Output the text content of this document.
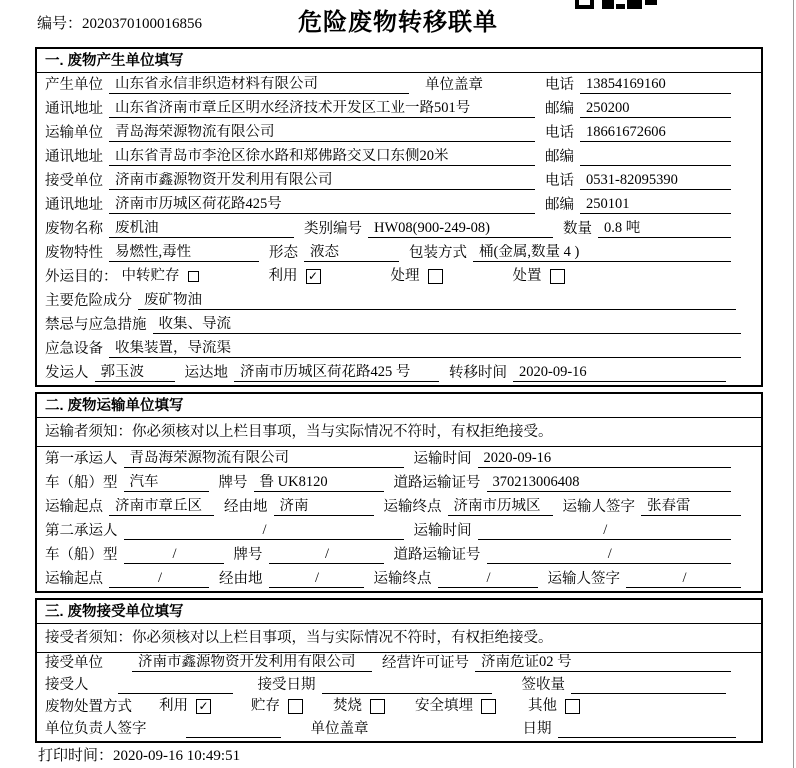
编号：2020370100016856	危险废物转移联单
一. 废物产生单位填写
产生单位 山东省永信非织造材料有限公司	单位盖章	电话 13854169160
通讯地址 山东省济南市章丘区明水经济技术开发区工业一路501号	邮编 250200
运输单位 青岛海荣源物流有限公司	电话 18661672606
通讯地址 山东省青岛市李沧区徐水路和郑佛路交叉口东侧20米	邮编
接受单位 济南市鑫源物资开发利用有限公司	电话 0531-82095390
通讯地址 济南市历城区荷花路425号	邮编 250101
废物名称 废机油	类别编号 HW08(900-249-08)	数量 0.8 吨
废物特性 易燃性,毒性	形态 液态	包装方式 桶(金属,数量 4 )
外运目的： 中转贮存	利用 ✓	处理	处置
主要危险成分 废矿物油
禁忌与应急措施 收集、导流
应急设备 收集装置，导流渠
发运人 郭玉波	运达地 济南市历城区荷花路425 号	转移时间 2020-09-16
二. 废物运输单位填写
运输者须知：你必须核对以上栏目事项，当与实际情况不符时，有权拒绝接受。
第一承运人 青岛海荣源物流有限公司	运输时间 2020-09-16
车（船）型 汽车	牌号 鲁 UK8120	道路运输证号 370213006408
运输起点 济南市章丘区	经由地 济南	运输终点 济南市历城区	运输人签字 张春雷
第二承运人	/	运输时间	/
车（船）型	/	牌号	/	道路运输证号	/
运输起点	/	经由地	/	运输终点	/	运输人签字	/
三. 废物接受单位填写
接受者须知：你必须核对以上栏目事项，当与实际情况不符时，有权拒绝接受。
接受单位	济南市鑫源物资开发利用有限公司	经营许可证号 济南危证02 号
接受人	接受日期	签收量
废物处置方式 利用 ✓	贮存	焚烧	安全填埋	其他
单位负责人签字	单位盖章	日期
打印时间：2020-09-16 10:49:51
